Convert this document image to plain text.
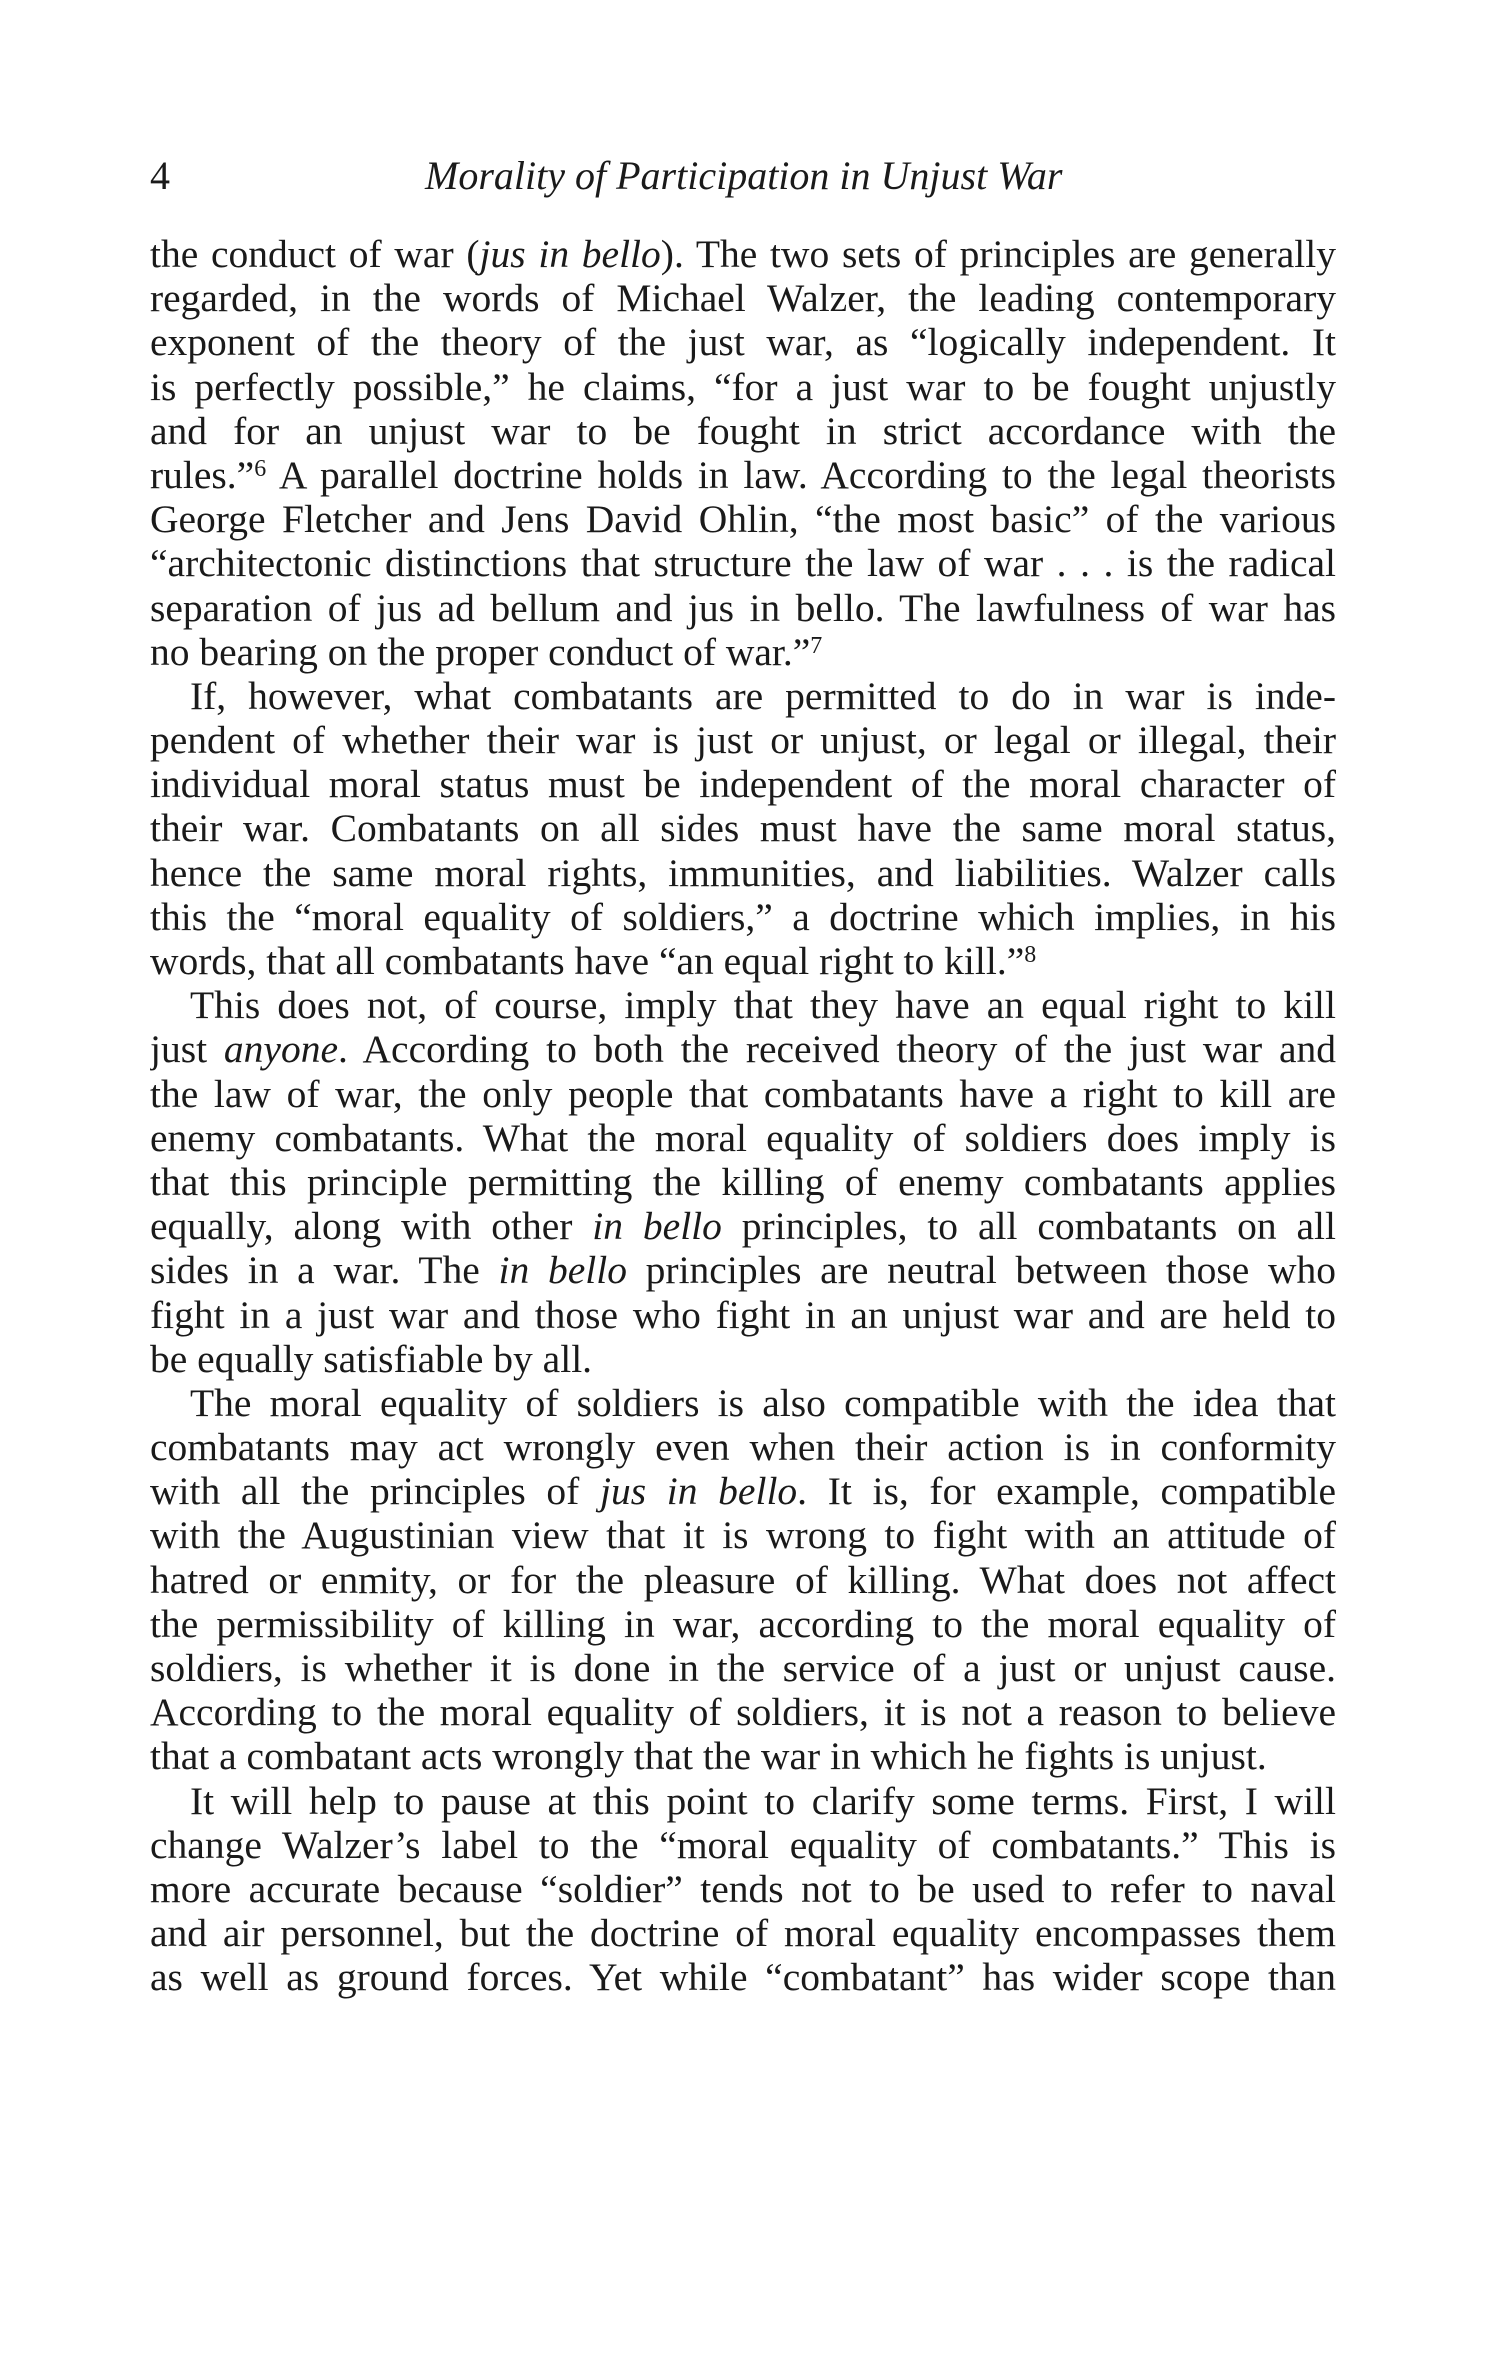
4	Morality of Participation in Unjust War
the conduct of war (jus in bello). The two sets of principles are generally
regarded, in the words of Michael Walzer, the leading contemporary
exponent of the theory of the just war, as “logically independent. It
is perfectly possible,” he claims, “for a just war to be fought unjustly
and for an unjust war to be fought in strict accordance with the
rules.”$^6$ A parallel doctrine holds in law. According to the legal theorists
George Fletcher and Jens David Ohlin, “the most basic” of the various
“architectonic distinctions that structure the law of war . . . is the radical
separation of jus ad bellum and jus in bello. The lawfulness of war has
no bearing on the proper conduct of war.”$^7$
If, however, what combatants are permitted to do in war is inde-
pendent of whether their war is just or unjust, or legal or illegal, their
individual moral status must be independent of the moral character of
their war. Combatants on all sides must have the same moral status,
hence the same moral rights, immunities, and liabilities. Walzer calls
this the “moral equality of soldiers,” a doctrine which implies, in his
words, that all combatants have “an equal right to kill.”$^8$
This does not, of course, imply that they have an equal right to kill
just anyone. According to both the received theory of the just war and
the law of war, the only people that combatants have a right to kill are
enemy combatants. What the moral equality of soldiers does imply is
that this principle permitting the killing of enemy combatants applies
equally, along with other in bello principles, to all combatants on all
sides in a war. The in bello principles are neutral between those who
fight in a just war and those who fight in an unjust war and are held to
be equally satisfiable by all.
The moral equality of soldiers is also compatible with the idea that
combatants may act wrongly even when their action is in conformity
with all the principles of jus in bello. It is, for example, compatible
with the Augustinian view that it is wrong to fight with an attitude of
hatred or enmity, or for the pleasure of killing. What does not affect
the permissibility of killing in war, according to the moral equality of
soldiers, is whether it is done in the service of a just or unjust cause.
According to the moral equality of soldiers, it is not a reason to believe
that a combatant acts wrongly that the war in which he fights is unjust.
It will help to pause at this point to clarify some terms. First, I will
change Walzer’s label to the “moral equality of combatants.” This is
more accurate because “soldier” tends not to be used to refer to naval
and air personnel, but the doctrine of moral equality encompasses them
as well as ground forces. Yet while “combatant” has wider scope than
